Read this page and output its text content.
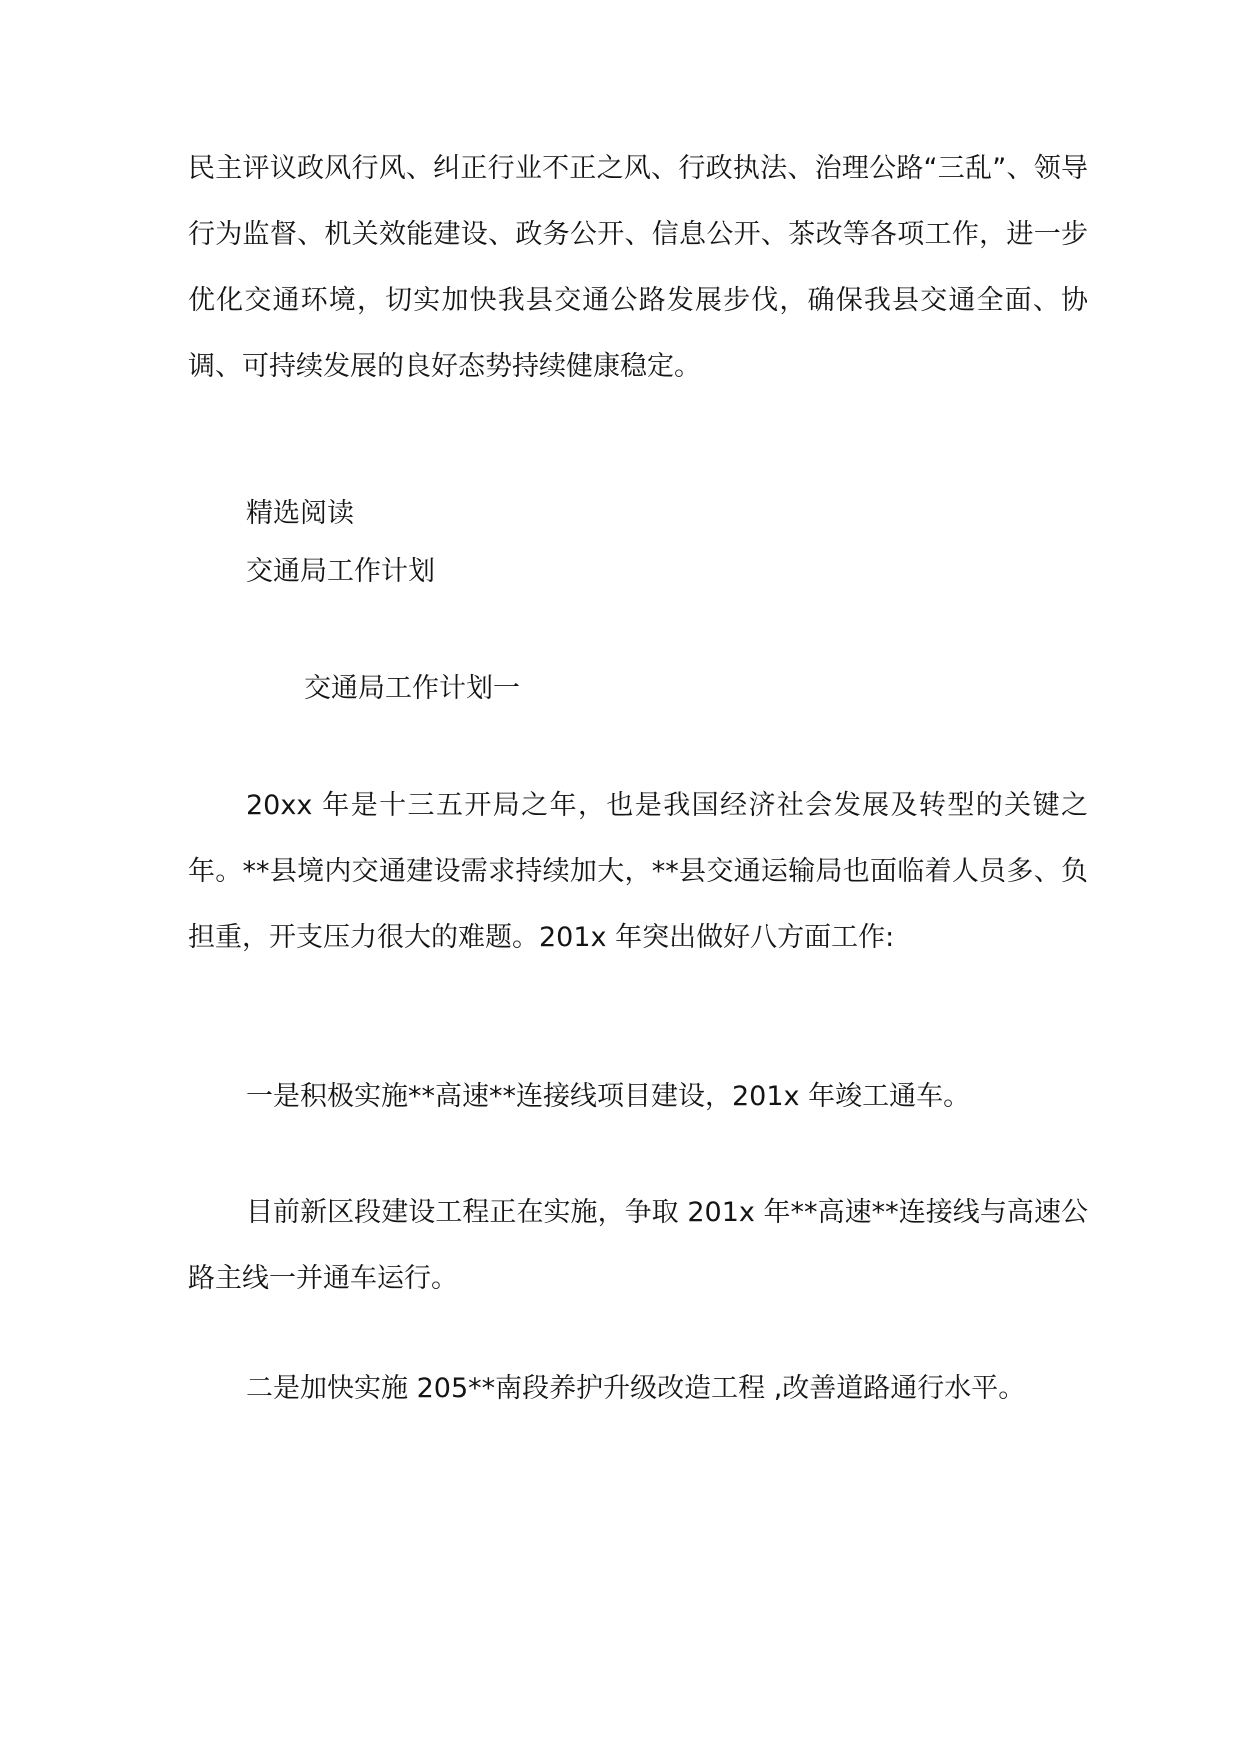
民主评议政风行风、纠正行业不正之风、行政执法、治理公路“三乱”、领导行为监督、机关效能建设、政务公开、信息公开、茶改等各项工作，进一步优化交通环境，切实加快我县交通公路发展步伐，确保我县交通全面、协调、可持续发展的良好态势持续健康稳定。

精选阅读

交通局工作计划

交通局工作计划一

20xx 年是十三五开局之年，也是我国经济社会发展及转型的关键之年。**县境内交通建设需求持续加大，**县交通运输局也面临着人员多、负担重，开支压力很大的难题。201x 年突出做好八方面工作:

一是积极实施**高速**连接线项目建设，201x 年竣工通车。

目前新区段建设工程正在实施，争取 201x 年**高速**连接线与高速公路主线一并通车运行。

二是加快实施 205**南段养护升级改造工程 ,改善道路通行水平。
